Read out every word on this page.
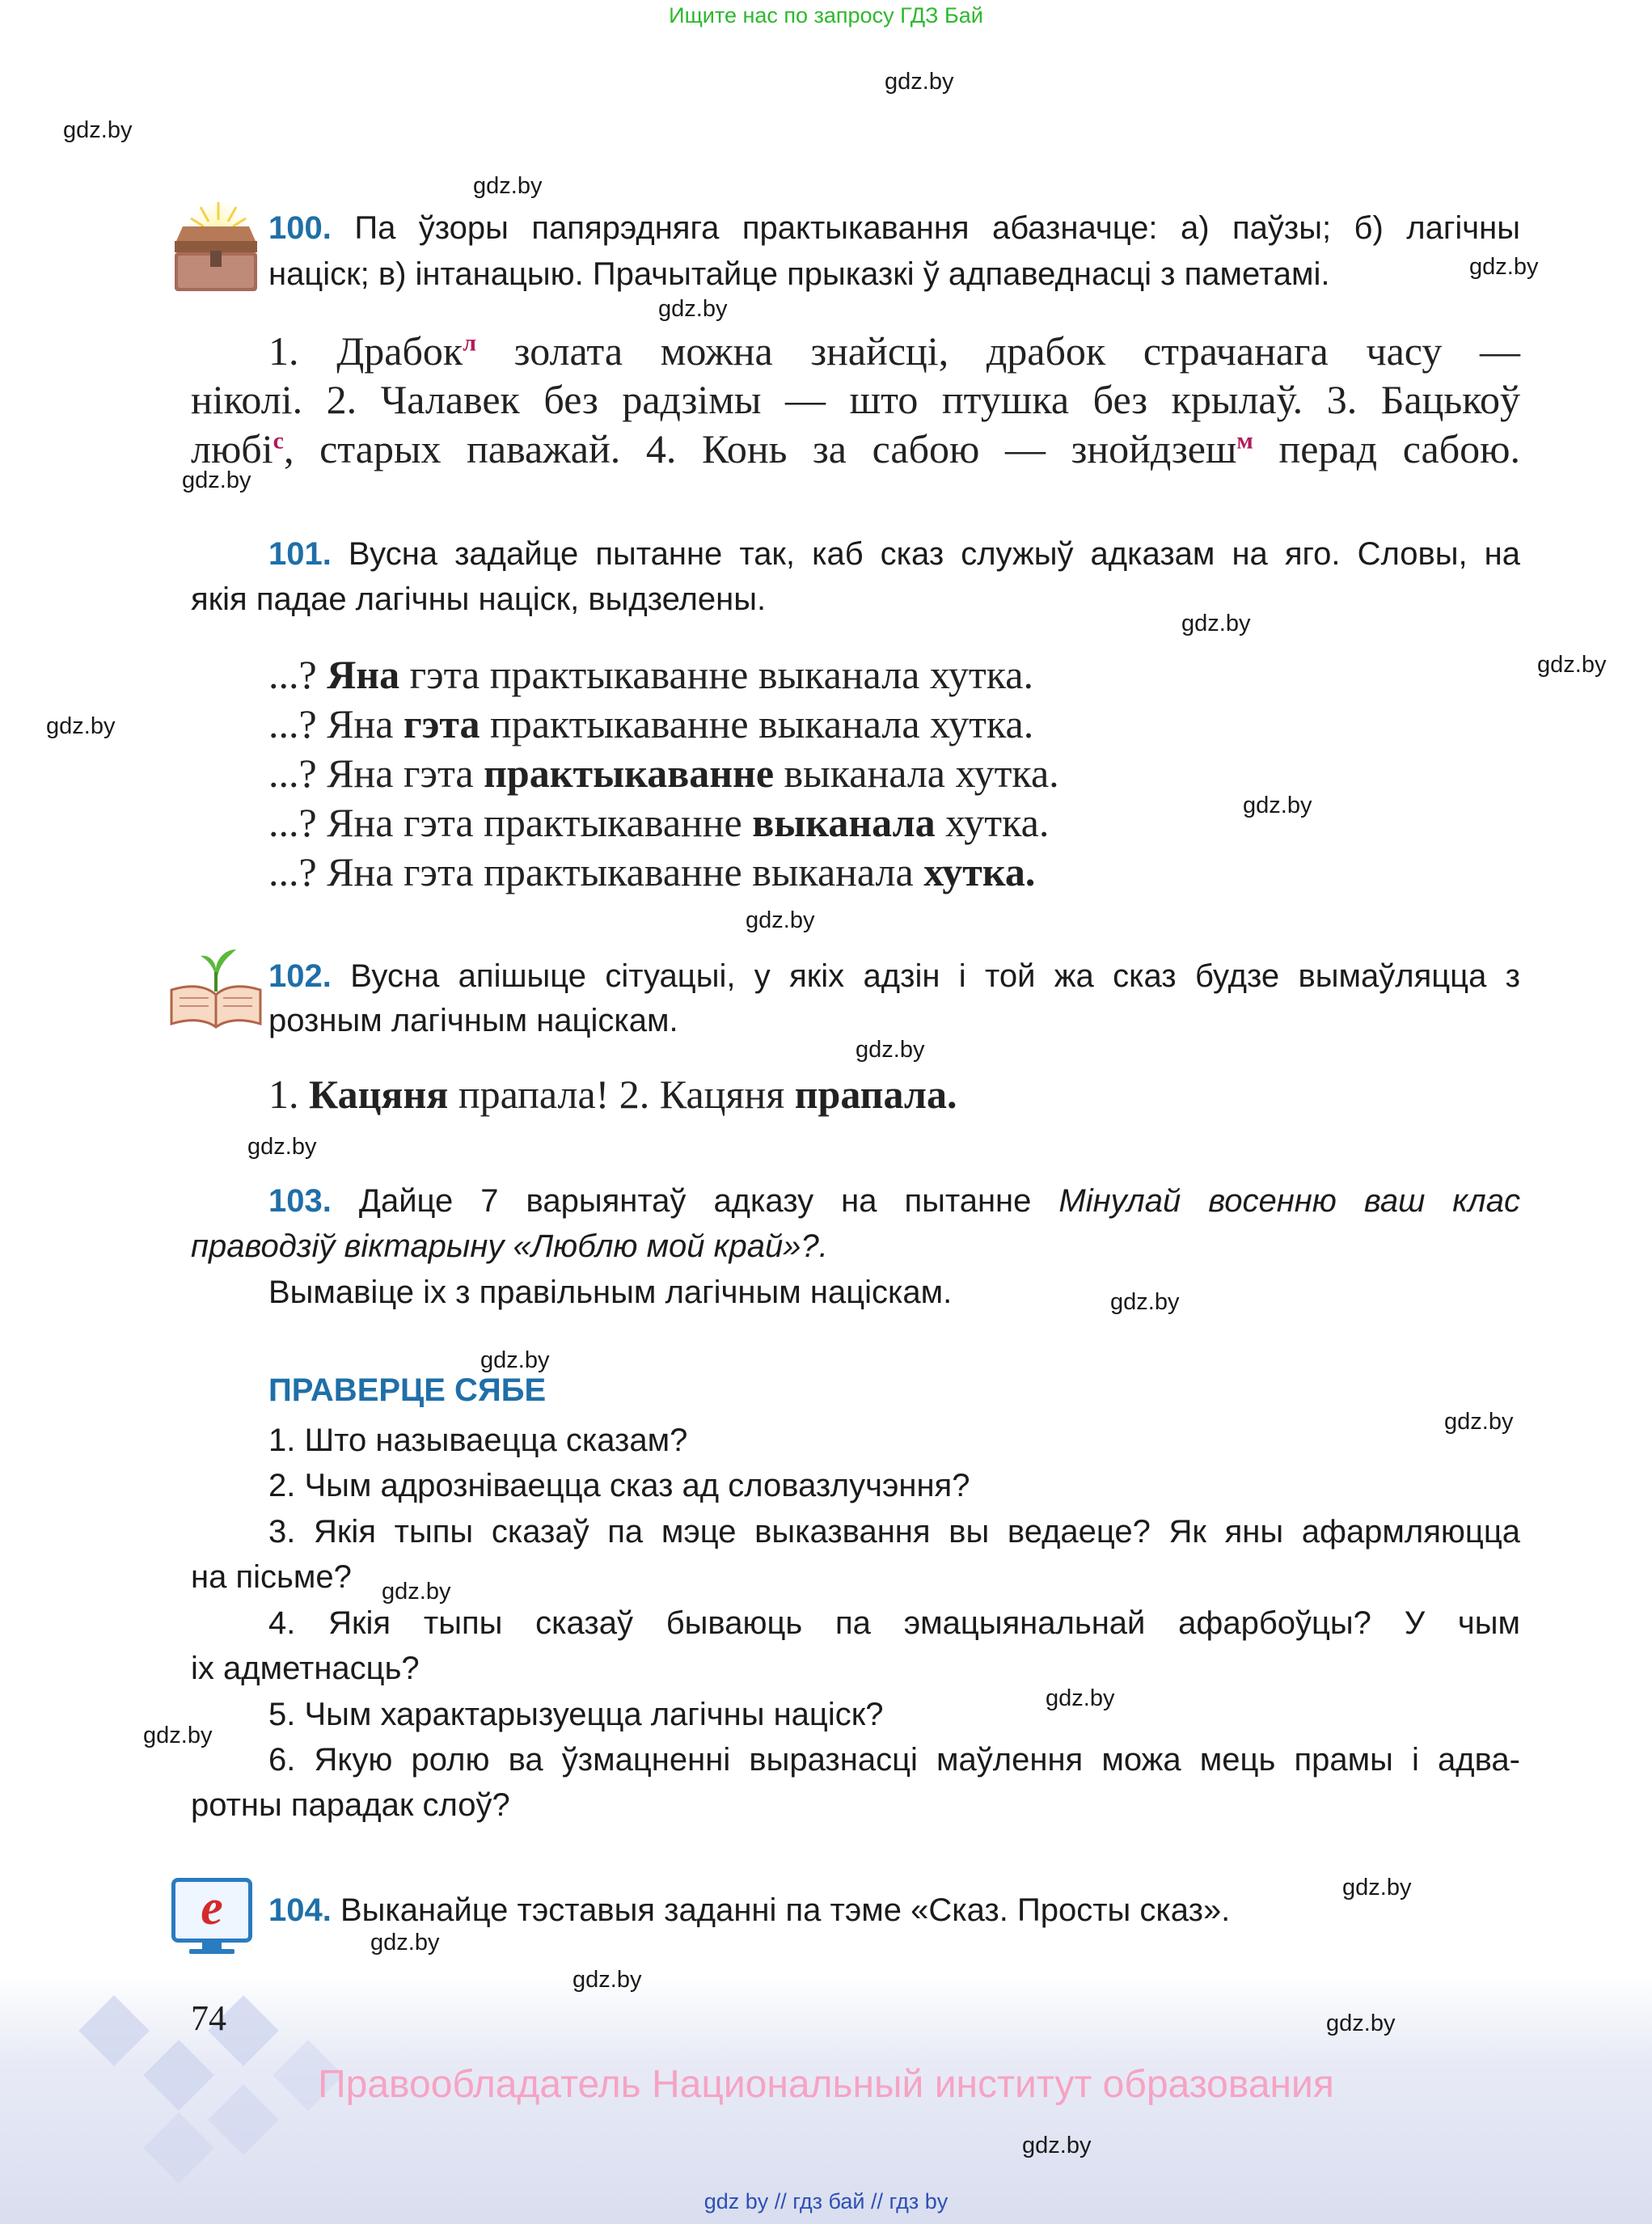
Ищите нас по запросу ГДЗ Бай
gdz.by
gdz.by
gdz.by
gdz.by
gdz.by
gdz.by
gdz.by
gdz.by
gdz.by
gdz.by
gdz.by
gdz.by
gdz.by
gdz.by
gdz.by
gdz.by
gdz.by
gdz.by
gdz.by
gdz.by
gdz.by
gdz.by
gdz.by
gdz.by
100. Па ўзоры папярэдняга практыкавання абазначце: а) паўзы; б) лагічны
націск; в) інтанацыю. Прачытайце прыказкі ў адпаведнасці з паметамі.
1. Драбок$^л$ золата можна знайсці, драбок страчанага часу —
ніколі. 2. Чалавек без радзімы — што птушка без крылаў. 3. Бацькоў
любі$^с$, старых паважай. 4. Конь за сабою — знойдзеш$^м$ перад сабою.
101. Вусна задайце пытанне так, каб сказ служыў адказам на яго. Словы, на
якія падае лагічны націск, выдзелены.
...? Яна гэта практыкаванне выканала хутка.
...? Яна гэта практыкаванне выканала хутка.
...? Яна гэта практыкаванне выканала хутка.
...? Яна гэта практыкаванне выканала хутка.
...? Яна гэта практыкаванне выканала хутка.
102. Вусна апішыце сітуацыі, у якіх адзін і той жа сказ будзе вымаўляцца з
розным лагічным націскам.
1. Кацяня прапала! 2. Кацяня прапала.
103. Дайце 7 варыянтаў адказу на пытанне Мінулай восенню ваш клас
праводзіў віктарыну «Люблю мой край»?.
Вымавіце іх з правільным лагічным націскам.
ПРАВЕРЦЕ СЯБЕ
1. Што называецца сказам?
2. Чым адрозніваецца сказ ад словазлучэння?
3. Якія тыпы сказаў па мэце выказвання вы ведаеце? Як яны афармляюцца
на пісьме?
4. Якія тыпы сказаў бываюць па эмацыянальнай афарбоўцы? У чым
іх адметнасць?
5. Чым характарызуецца лагічны націск?
6. Якую ролю ва ўзмацненні выразнасці маўлення можа мець прамы і адва-
ротны парадак слоў?
e	104. Выканайце тэставыя заданні па тэме «Сказ. Просты сказ».
74
Правообладатель Национальный институт образования
gdz by // гдз бай // гдз by
